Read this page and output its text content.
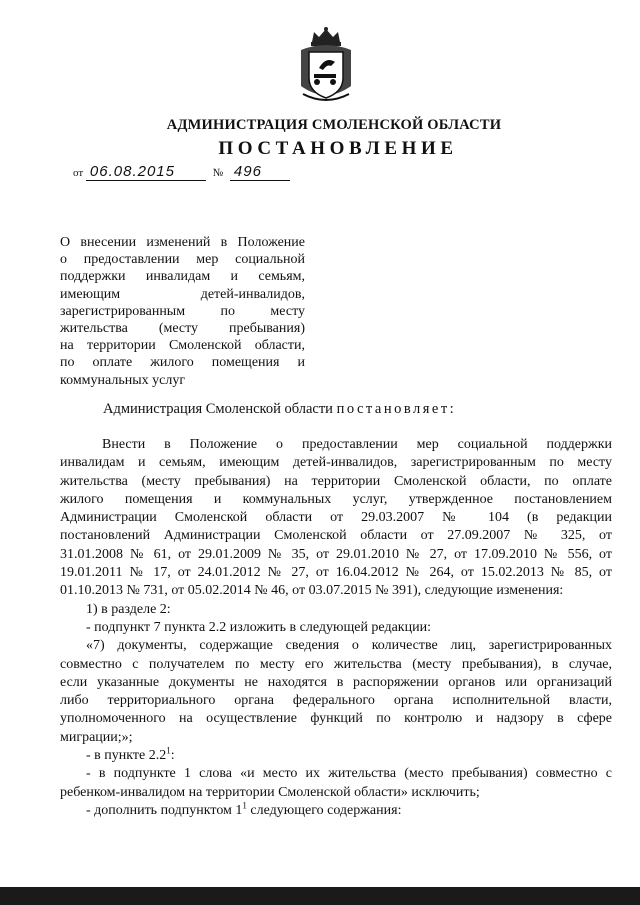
АДМИНИСТРАЦИЯ СМОЛЕНСКОЙ ОБЛАСТИ
ПОСТАНОВЛЕНИЕ
от 06.08.2015	№ 496
О внесении изменений в Положение
о предоставлении мер социальной
поддержки инвалидам и семьям,
имеющим детей-инвалидов,
зарегистрированным по месту
жительства (месту пребывания)
на территории Смоленской области,
по оплате жилого помещения и
коммунальных услуг
Администрация Смоленской области постановляет:
Внести в Положение о предоставлении мер социальной поддержки
инвалидам и семьям, имеющим детей-инвалидов, зарегистрированным по месту
жительства (месту пребывания) на территории Смоленской области, по оплате
жилого помещения и коммунальных услуг, утвержденное постановлением
Администрации Смоленской области от 29.03.2007 № 104 (в редакции
постановлений Администрации Смоленской области от 27.09.2007 № 325, от
31.01.2008 № 61, от 29.01.2009 № 35, от 29.01.2010 № 27, от 17.09.2010 № 556, от
19.01.2011 № 17, от 24.01.2012 № 27, от 16.04.2012 № 264, от 15.02.2013 № 85, от
01.10.2013 № 731, от 05.02.2014 № 46, от 03.07.2015 № 391), следующие изменения:
1) в разделе 2:
- подпункт 7 пункта 2.2 изложить в следующей редакции:
«7) документы, содержащие сведения о количестве лиц, зарегистрированных
совместно с получателем по месту его жительства (месту пребывания), в случае,
если указанные документы не находятся в распоряжении органов или организаций
либо территориального органа федерального органа исполнительной власти,
уполномоченного на осуществление функций по контролю и надзору в сфере
миграции;»;
- в пункте $2.2^1$:
- в подпункте 1 слова «и место их жительства (место пребывания) совместно с
ребенком-инвалидом на территории Смоленской области» исключить;
- дополнить подпунктом $1^1$ следующего содержания:
